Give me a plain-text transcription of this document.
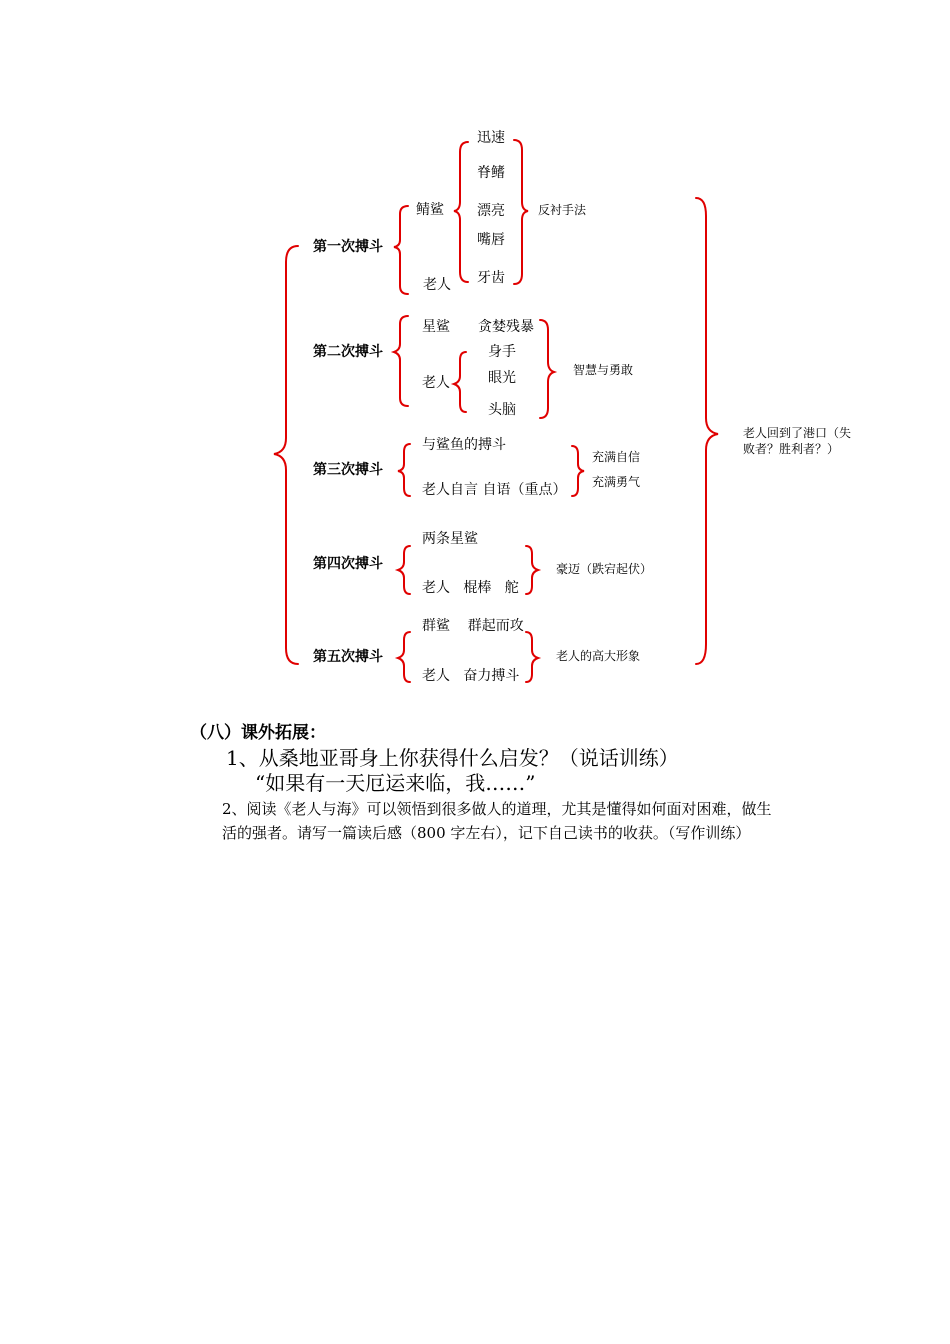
第一次搏斗
鲭鲨
老人
迅速
脊鳍
漂亮
嘴唇
牙齿
反衬手法
第二次搏斗
星鲨 贪婪残暴
老人
身手
眼光
头脑
智慧与勇敢
第三次搏斗
与鲨鱼的搏斗
老人自言 自语（重点）
充满自信
充满勇气
第四次搏斗
两条星鲨
老人   棍棒   舵
豪迈（跌宕起伏）
第五次搏斗
群鲨    群起而攻
老人   奋力搏斗
老人的高大形象
老人回到了港口（失
败者？胜利者？）
（八）课外拓展：
1、从桑地亚哥身上你获得什么启发？（说话训练）
“如果有一天厄运来临，我……”
2、阅读《老人与海》可以领悟到很多做人的道理，尤其是懂得如何面对困难，做生
活的强者。请写一篇读后感（800 字左右），记下自己读书的收获。（写作训练）
